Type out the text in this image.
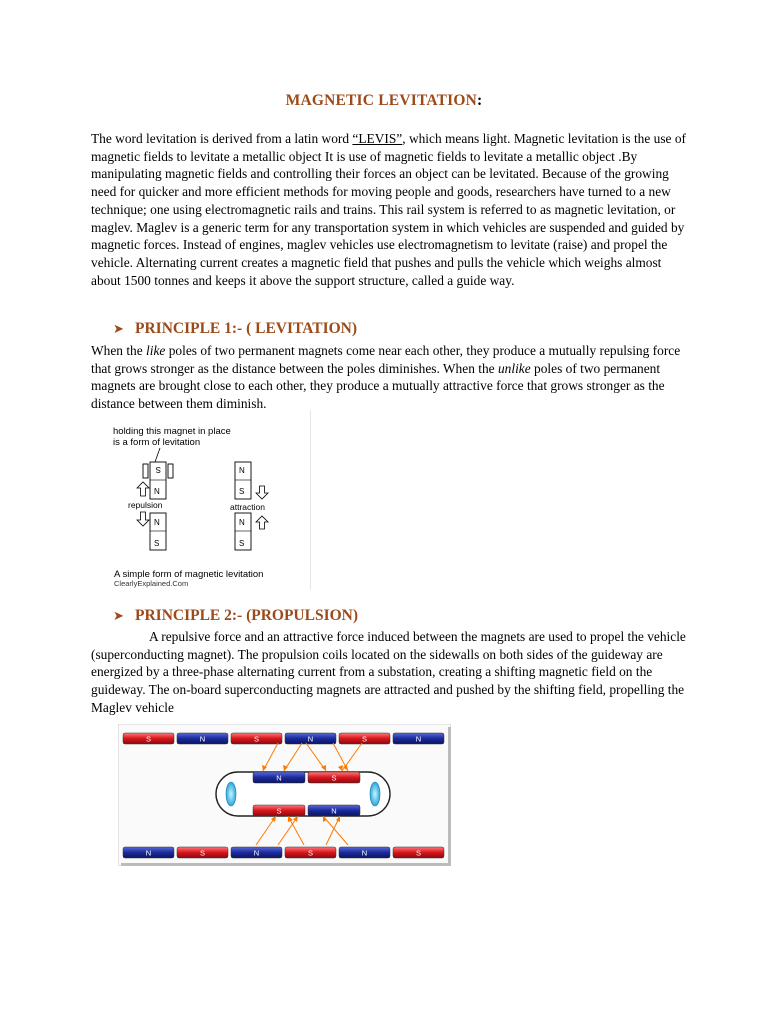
MAGNETIC LEVITATION:
The word levitation is derived from a latin word “LEVIS”, which means light. Magnetic levitation is the use of magnetic fields to levitate a metallic object It is use of magnetic fields to levitate a metallic object .By manipulating magnetic fields and controlling their forces an object can be levitated. Because of the growing need for quicker and more efficient methods for moving people and goods, researchers have turned to a new technique; one using electromagnetic rails and trains. This rail system is referred to as magnetic levitation, or maglev. Maglev is a generic term for any transportation system in which vehicles are suspended and guided by magnetic forces. Instead of engines, maglev vehicles use electromagnetism to levitate (raise) and propel the vehicle. Alternating current creates a magnetic field that pushes and pulls the vehicle which weighs almost about 1500 tonnes and keeps it above the support structure, called a guide way.
➤ PRINCIPLE 1:- ( LEVITATION)
When the like poles of two permanent magnets come near each other, they produce a mutually repulsing force that grows stronger as the distance between the poles diminishes. When the unlike poles of two permanent magnets are brought close to each other, they produce a mutually attractive force that grows stronger as the distance between them diminish.
holding this magnet in place
is a form of levitation
S
N
repulsion
N
S
N
S
attraction
N
S
A simple form of magnetic levitation
ClearlyExplained.Com
➤ PRINCIPLE 2:- (PROPULSION)
A repulsive force and an attractive force induced between the magnets are used to propel the vehicle (superconducting magnet). The propulsion coils located on the sidewalls on both sides of the guideway are energized by a three-phase alternating current from a substation, creating a shifting magnetic field on the guideway. The on-board superconducting magnets are attracted and pushed by the shifting field, propelling the Maglev vehicle
S	N	S	N	S	N
N	S	N	S	N	S
N	S
S	N
